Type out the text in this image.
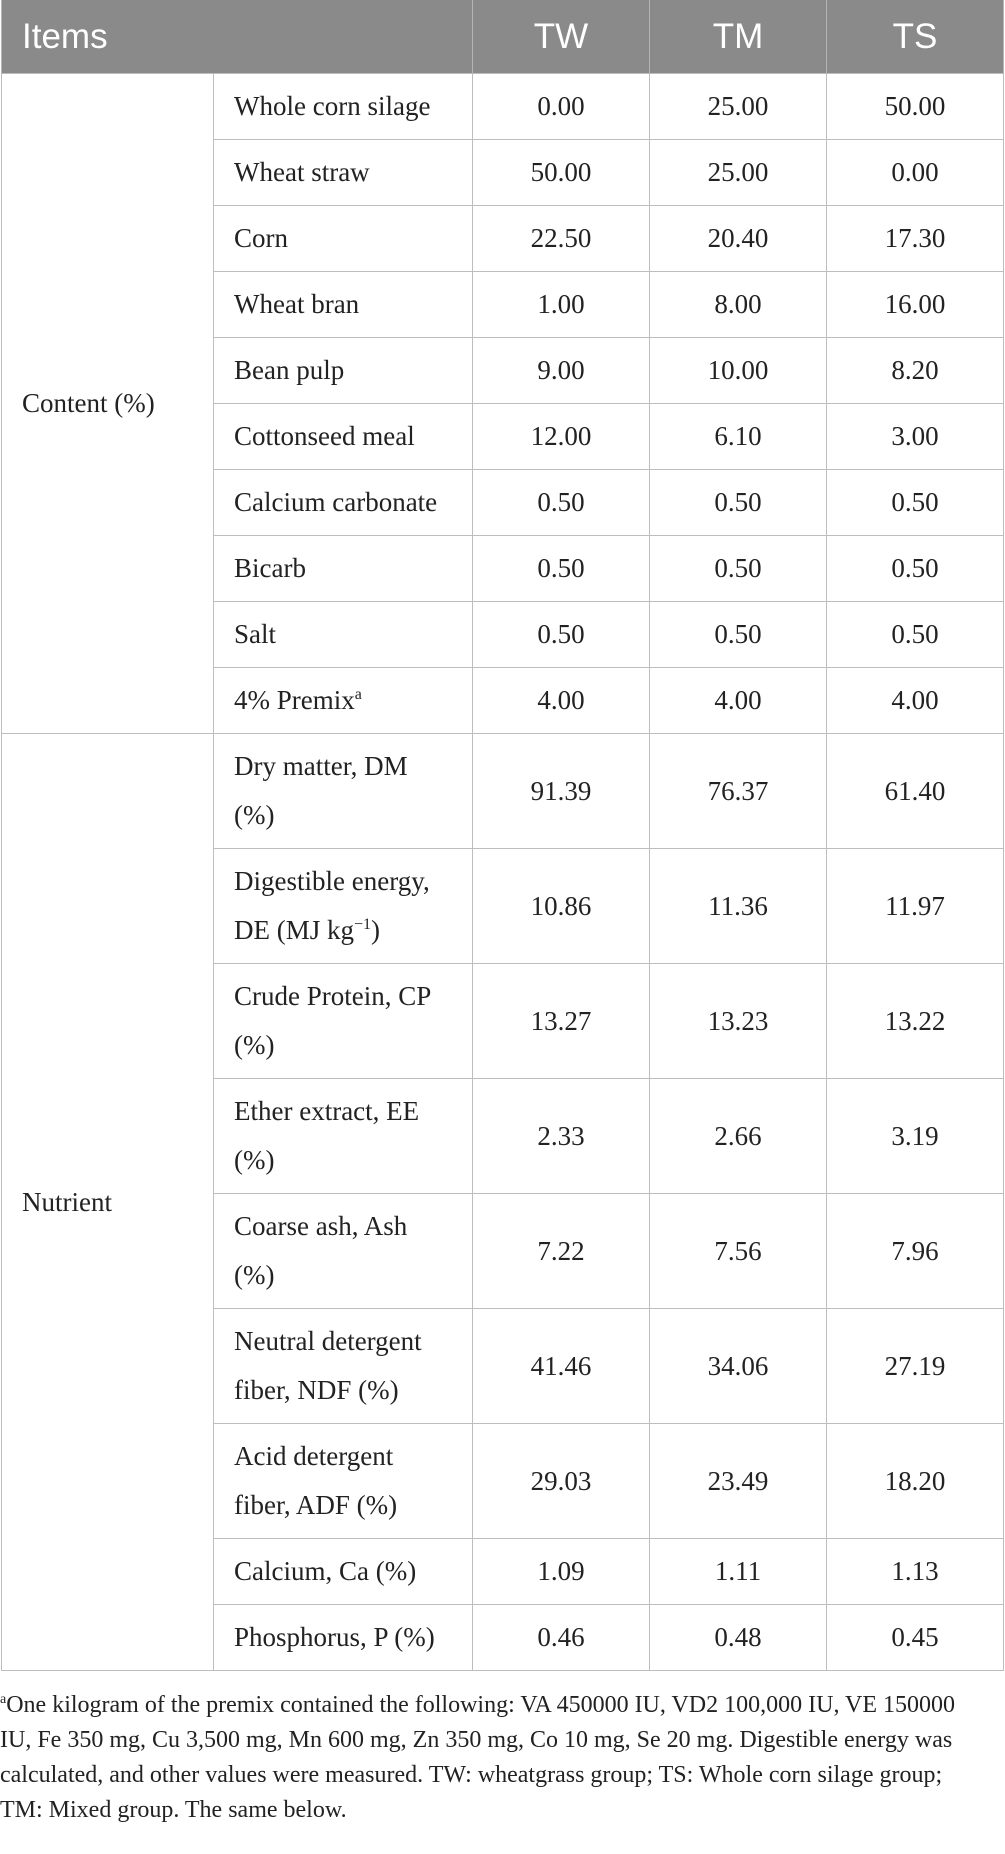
Items		TW	TM	TS
Content (%)	Whole corn silage	0.00	25.00	50.00
	Wheat straw	50.00	25.00	0.00
	Corn	22.50	20.40	17.30
	Wheat bran	1.00	8.00	16.00
	Bean pulp	9.00	10.00	8.20
	Cottonseed meal	12.00	6.10	3.00
	Calcium carbonate	0.50	0.50	0.50
	Bicarb	0.50	0.50	0.50
	Salt	0.50	0.50	0.50
	4% Premix$^a$	4.00	4.00	4.00
Nutrient	Dry matter, DM (%)	91.39	76.37	61.40
	Digestible energy, DE (MJ $kg^{-1}$)	10.86	11.36	11.97
	Crude Protein, CP (%)	13.27	13.23	13.22
	Ether extract, EE (%)	2.33	2.66	3.19
	Coarse ash, Ash (%)	7.22	7.56	7.96
	Neutral detergent fiber, NDF (%)	41.46	34.06	27.19
	Acid detergent fiber, ADF (%)	29.03	23.49	18.20
	Calcium, Ca (%)	1.09	1.11	1.13
	Phosphorus, P (%)	0.46	0.48	0.45
$^a$One kilogram of the premix contained the following: VA 450000 IU, VD2 100,000 IU, VE 150000 IU, Fe 350 mg, Cu 3,500 mg, Mn 600 mg, Zn 350 mg, Co 10 mg, Se 20 mg. Digestible energy was calculated, and other values were measured. TW: wheatgrass group; TS: Whole corn silage group; TM: Mixed group. The same below.
